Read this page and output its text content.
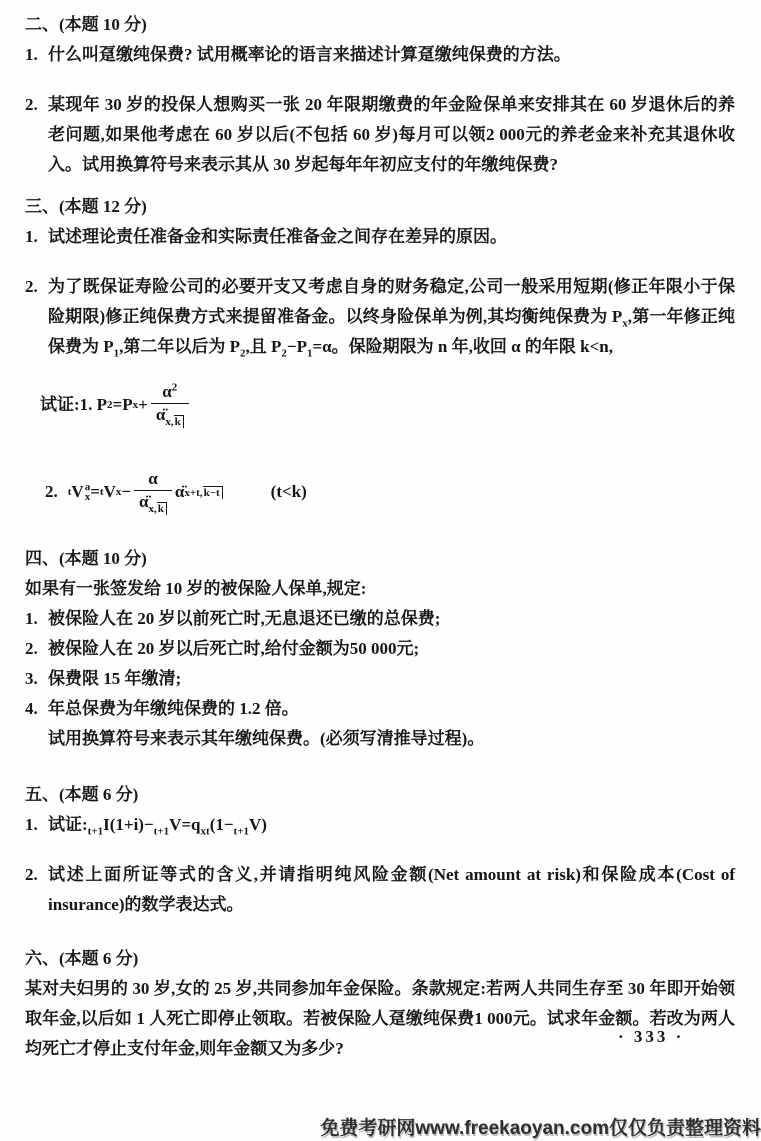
二、(本题 10 分)
1. 什么叫趸缴纯保费? 试用概率论的语言来描述计算趸缴纯保费的方法。
2. 某现年 30 岁的投保人想购买一张 20 年限期缴费的年金险保单来安排其在 60 岁退休后的养老问题,如果他考虑在 60 岁以后(不包括 60 岁)每月可以领2 000元的养老金来补充其退休收入。试用换算符号来表示其从 30 岁起每年年初应支付的年缴纯保费?
三、(本题 12 分)
1. 试述理论责任准备金和实际责任准备金之间存在差异的原因。
2. 为了既保证寿险公司的必要开支又考虑自身的财务稳定,公司一般采用短期(修正年限小于保险期限)修正纯保费方式来提留准备金。以终身险保单为例,其均衡纯保费为 $P_x$,第一年修正纯保费为 $P_1$,第二年以后为 $P_2$,且 $P_2-P_1=\alpha$。保险期限为 n 年,收回 α 的年限 k<n,
试证:1. P 2 =P $x + \frac{\alpha^2}{\alphä_{x,k}}$
2. t V a
x = t V $x - \frac{\alpha}{\alphä_{x,k}}$ α̈ x+t,k−t	(t<k)
四、(本题 10 分)
如果有一张签发给 10 岁的被保险人保单,规定:
1. 被保险人在 20 岁以前死亡时,无息退还已缴的总保费;
2. 被保险人在 20 岁以后死亡时,给付金额为50 000元;
3. 保费限 15 年缴清;
4. 年总保费为年缴纯保费的 1.2 倍。
试用换算符号来表示其年缴纯保费。(必须写清推导过程)。
五、(本题 6 分)
1. 试证$:_{t+1}I(1+i)-_{t+1}V=q_{xt}(1-_{t+1}V)$
2. 试述上面所证等式的含义,并请指明纯风险金额(Net amount at risk)和保险成本(Cost of insurance)的数学表达式。
六、(本题 6 分)
某对夫妇男的 30 岁,女的 25 岁,共同参加年金保险。条款规定:若两人共同生存至 30 年即开始领取年金,以后如 1 人死亡即停止领取。若被保险人趸缴纯保费1 000元。试求年金额。若改为两人均死亡才停止支付年金,则年金额又为多少?
· 333 ·
免费考研网www.freekaoyan.com仅仅负责整理资料
